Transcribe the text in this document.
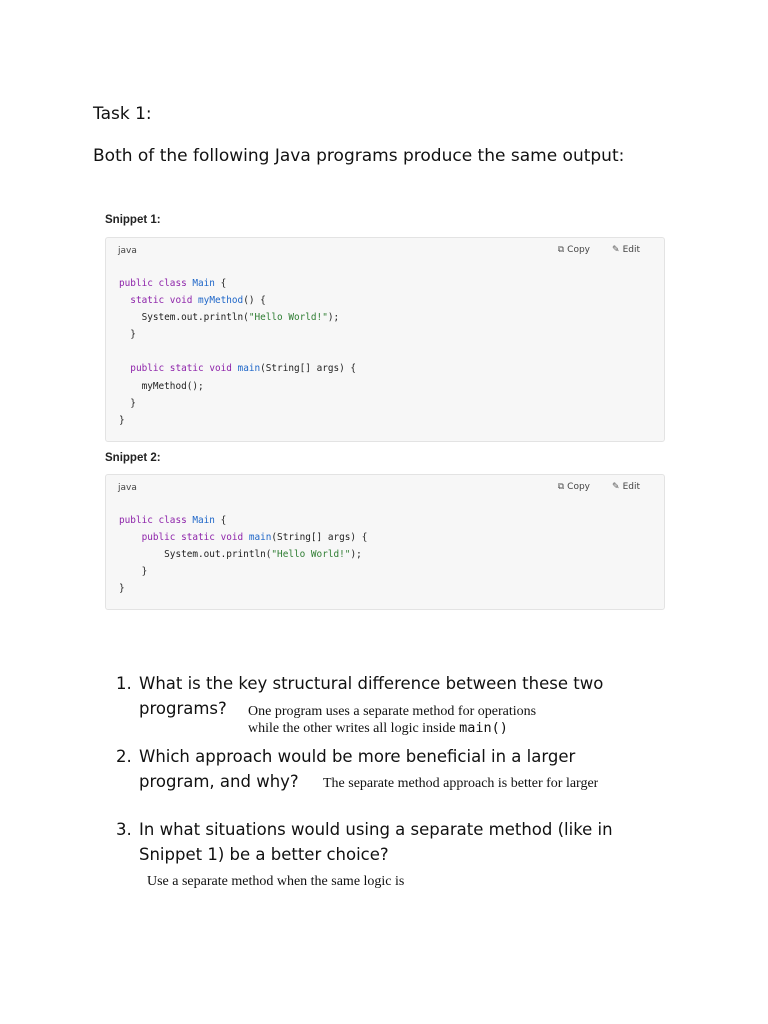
Task 1:
Both of the following Java programs produce the same output:
Snippet 1:
java	⧉ Copy ✎ Edit
public class Main {
static void myMethod() {
System.out.println("Hello World!");
}

public static void main(String[] args) {
myMethod();
}
}
Snippet 2:
java	⧉ Copy ✎ Edit
public class Main {
public static void main(String[] args) {
System.out.println("Hello World!");
}
}
1. What is the key structural difference between these two
programs? One program uses a separate method for operations
while the other writes all logic inside main()
2. Which approach would be more beneficial in a larger
program, and why? The separate method approach is better for larger
3. In what situations would using a separate method (like in
Snippet 1) be a better choice?
Use a separate method when the same logic is
